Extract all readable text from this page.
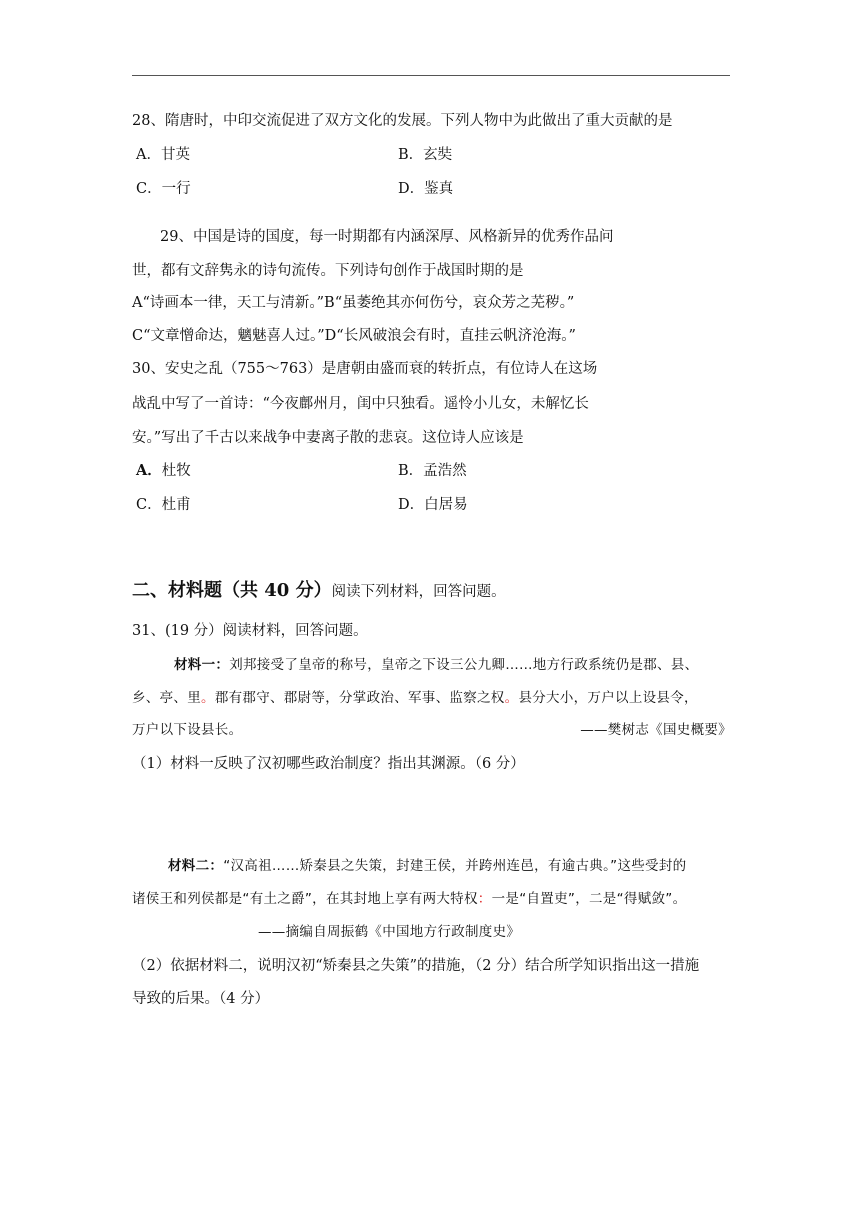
28、隋唐时，中印交流促进了双方文化的发展。下列人物中为此做出了重大贡献的是
A．甘英	B．玄奘
C．一行	D．鉴真
29、中国是诗的国度，每一时期都有内涵深厚、风格新异的优秀作品问
世，都有文辞隽永的诗句流传。下列诗句创作于战国时期的是
A“诗画本一律，天工与清新。”B“虽萎绝其亦何伤兮，哀众芳之芜秽。”
C“文章憎命达，魑魅喜人过。”D“长风破浪会有时，直挂云帆济沧海。”
30、安史之乱（755～763）是唐朝由盛而衰的转折点，有位诗人在这场
战乱中写了一首诗：“今夜鄜州月，闺中只独看。遥怜小儿女，未解忆长
安。”写出了千古以来战争中妻离子散的悲哀。这位诗人应该是
A．杜牧	B．孟浩然
C．杜甫	D．白居易
二、材料题（共 40 分）阅读下列材料，回答问题。
31、(19 分）阅读材料，回答问题。
材料一：刘邦接受了皇帝的称号，皇帝之下设三公九卿……地方行政系统仍是郡、县、
乡、亭、里。郡有郡守、郡尉等，分掌政治、军事、监察之权。县分大小，万户以上设县令，
万户以下设县长。	——樊树志《国史概要》
（1）材料一反映了汉初哪些政治制度？指出其渊源。（6 分）
材料二：“汉高祖……矫秦县之失策，封建王侯，并跨州连邑，有逾古典。”这些受封的
诸侯王和列侯都是“有土之爵”，在其封地上享有两大特权：一是“自置吏”，二是“得赋敛”。
——摘编自周振鹤《中国地方行政制度史》
（2）依据材料二，说明汉初“矫秦县之失策”的措施，（2 分）结合所学知识指出这一措施
导致的后果。（4 分）
